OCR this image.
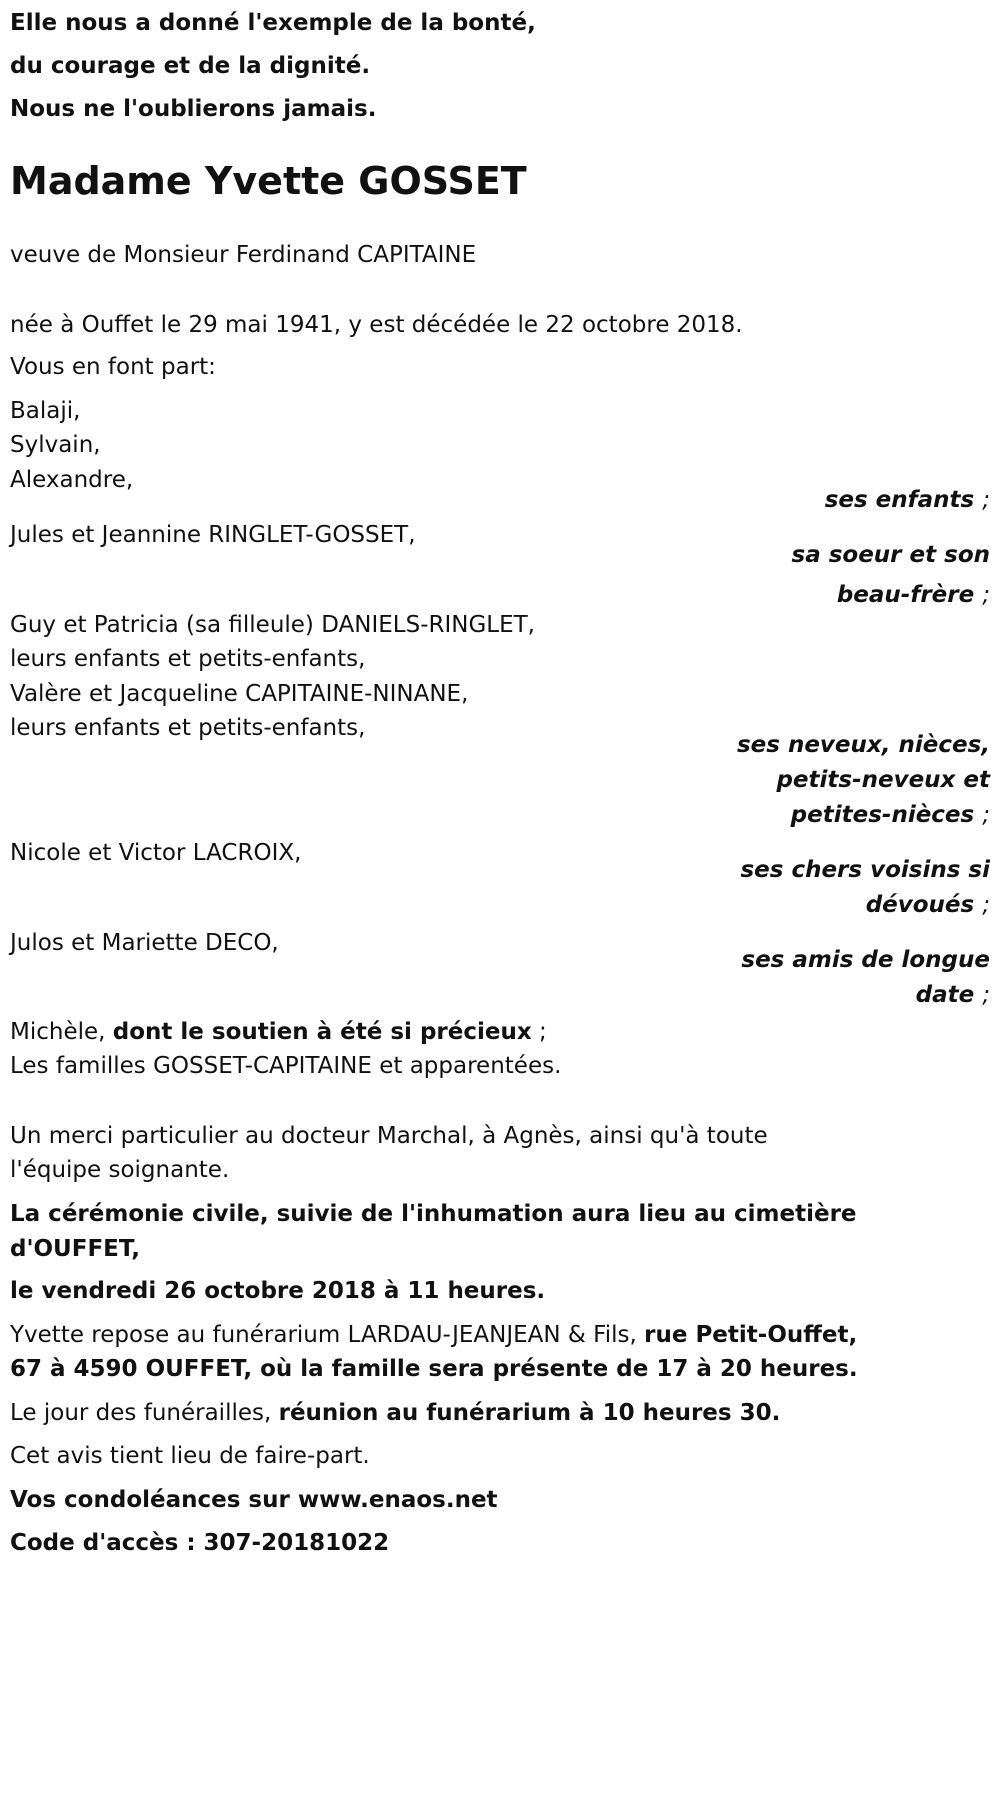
Elle nous a donné l'exemple de la bonté,
du courage et de la dignité.
Nous ne l'oublierons jamais.
Madame Yvette GOSSET
veuve de Monsieur Ferdinand CAPITAINE
née à Ouffet le 29 mai 1941, y est décédée le 22 octobre 2018.
Vous en font part:
Balaji,
Sylvain,
Alexandre,
ses enfants ;
Jules et Jeannine RINGLET-GOSSET,
sa soeur et son
beau-frère ;
Guy et Patricia (sa filleule) DANIELS-RINGLET,
leurs enfants et petits-enfants,
Valère et Jacqueline CAPITAINE-NINANE,
leurs enfants et petits-enfants,
ses neveux, nièces,
petits-neveux et
petites-nièces ;
Nicole et Victor LACROIX,
ses chers voisins si
dévoués ;
Julos et Mariette DECO,
ses amis de longue
date ;
Michèle, dont le soutien à été si précieux ;
Les familles GOSSET-CAPITAINE et apparentées.
Un merci particulier au docteur Marchal, à Agnès, ainsi qu'à toute
l'équipe soignante.
La cérémonie civile, suivie de l'inhumation aura lieu au cimetière
d'OUFFET,
le vendredi 26 octobre 2018 à 11 heures.
Yvette repose au funérarium LARDAU-JEANJEAN & Fils, rue Petit-Ouffet,
67 à 4590 OUFFET, où la famille sera présente de 17 à 20 heures.
Le jour des funérailles, réunion au funérarium à 10 heures 30.
Cet avis tient lieu de faire-part.
Vos condoléances sur www.enaos.net
Code d'accès : 307-20181022
